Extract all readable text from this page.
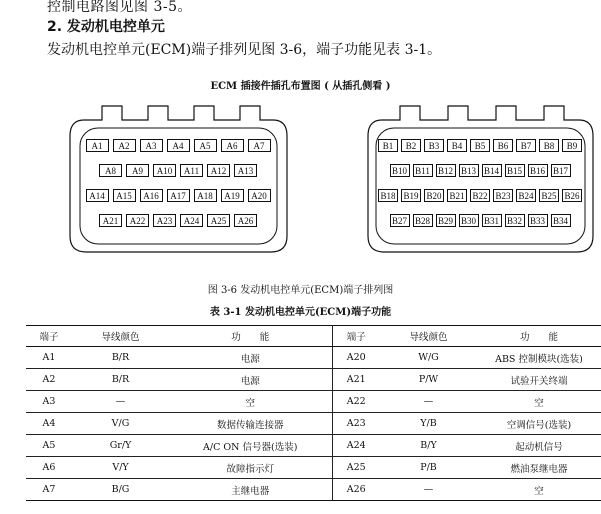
控制电路图见图 3-5。
2. 发动机电控单元
发动机电控单元(ECM)端子排列见图 3-6，端子功能见表 3-1。
ECM 插接件插孔布置图 ( 从插孔侧看 )
A1	A2	A3	A4	A5	A6	A7
A8	A9	A10	A11	A12	A13
A14	A15	A16	A17	A18	A19	A20
A21	A22	A23	A24	A25	A26
B1	B2	B3	B4	B5	B6	B7	B8	B9
B10 B11 B12 B13 B14 B15 B16 B17
B18 B19 B20 B21 B22 B23 B24 B25 B26
B27 B28 B29 B30 B31 B32 B33 B34
图 3-6 发动机电控单元(ECM)端子排列图
表 3-1 发动机电控单元(ECM)端子功能
端子	导线颜色	功　　能	端子	导线颜色	功　　能
A1	B/R	电源	A20	W/G	ABS 控制模块(选装)
A2	B/R	电源	A21	P/W	试验开关终端
A3	—	空	A22	—	空
A4	V/G	数据传输连接器	A23	Y/B	空调信号(选装)
A5	Gr/Y	A/C ON 信号器(选装)	A24	B/Y	起动机信号
A6	V/Y	故障指示灯	A25	P/B	燃油泵继电器
A7	B/G	主继电器	A26	—	空
